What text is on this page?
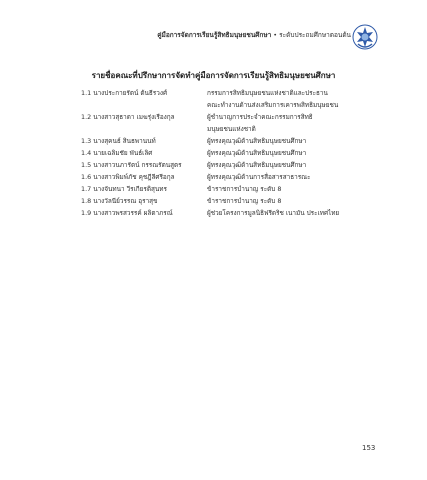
คู่มือการจัดการเรียนรู้สิทธิมนุษยชนศึกษา • ระดับประถมศึกษาตอนต้น
รายชื่อคณะที่ปรึกษาการจัดทำคู่มือการจัดการเรียนรู้สิทธิมนุษยชนศึกษา
1.1 นางประกายรัตน์ ต้นธีรวงศ์	กรรมการสิทธิมนุษยชนแห่งชาติและประธาน
คณะทำงานด้านส่งเสริมการเคารพสิทธิมนุษยชน
1.2 นางสาวสุธาดา เมฆรุ่งเรืองกุล	ผู้ชำนาญการประจำคณะกรรมการสิทธิ
มนุษยชนแห่งชาติ
1.3 นางสุคนธ์ สินธพานนท์	ผู้ทรงคุณวุฒิด้านสิทธิมนุษยชนศึกษา
1.4 นายเฉลิมชัย พันธ์เลิศ	ผู้ทรงคุณวุฒิด้านสิทธิมนุษยชนศึกษา
1.5 นางสาวนภารัตน์ กรรณรัตนสูตร	ผู้ทรงคุณวุฒิด้านสิทธิมนุษยชนศึกษา
1.6 นางสาวพิมพ์ภัช คุชฎีลีศรีอกุล	ผู้ทรงคุณวุฒิด้านการสื่อสารสาธารณะ
1.7 นางจันทนา วีรเกียรติสุนทร	ข้าราชการบำนาญ ระดับ 8
1.8 นางวัลนีย์วรรณ อุราสุข	ข้าราชการบำนาญ ระดับ 8
1.9 นางสาวพรสวรรค์ ผลิตาภรณ์	ผู้ช่วยโครงการมูลนิธิฟรีดริช เนามัน ประเทศไทย
153
